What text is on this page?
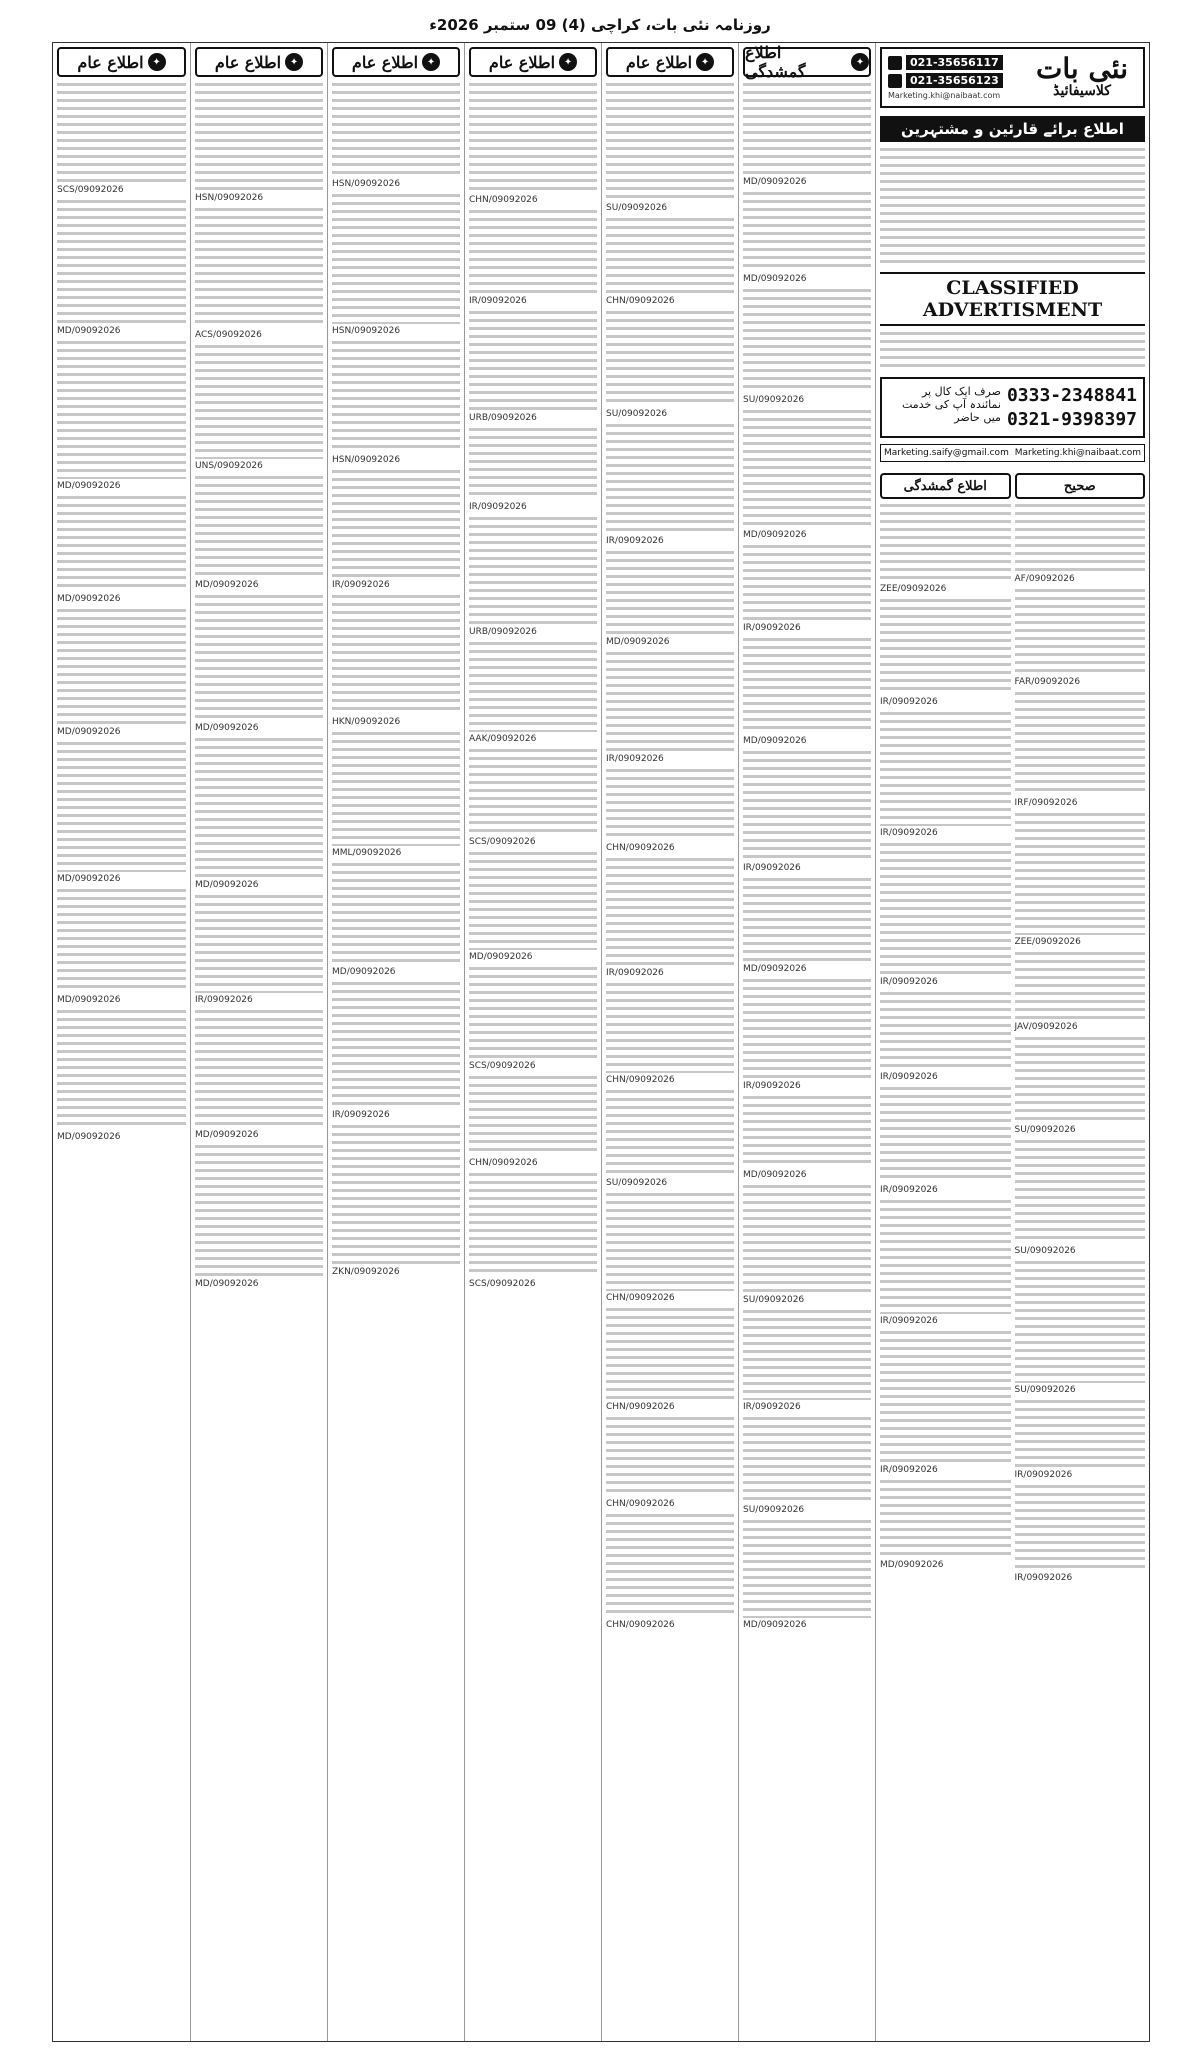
روزنامہ نئی بات، کراچی (4) 09 ستمبر 2026ء
021-35656117
021-35656123
Marketing.khi@naibaat.com
نئی بات
کلاسیفائیڈ
اطلاع برائے قارئین و مشتہرین
CLASSIFIED ADVERTISMENT
صرف ایک کال پر نمائندہ آپ کی خدمت میں حاضر
0333-2348841
0321-9398397
Marketing.saify@gmail.com Marketing.khi@naibaat.com
صحیح
AF/09092026
FAR/09092026
IRF/09092026
ZEE/09092026
JAV/09092026
SU/09092026
SU/09092026
SU/09092026
IR/09092026
IR/09092026
اطلاع گمشدگی
ZEE/09092026
IR/09092026
IR/09092026
IR/09092026
IR/09092026
IR/09092026
IR/09092026
IR/09092026
MD/09092026
اطلاع گمشدگی	✦
MD/09092026
MD/09092026
SU/09092026
MD/09092026
IR/09092026
MD/09092026
IR/09092026
MD/09092026
IR/09092026
MD/09092026
SU/09092026
IR/09092026
SU/09092026
MD/09092026
اطلاع عام ✦
SU/09092026
CHN/09092026
SU/09092026
IR/09092026
MD/09092026
IR/09092026
CHN/09092026
IR/09092026
CHN/09092026
SU/09092026
CHN/09092026
CHN/09092026
CHN/09092026
CHN/09092026
اطلاع عام ✦
CHN/09092026
IR/09092026
URB/09092026
IR/09092026
URB/09092026
AAK/09092026
SCS/09092026
MD/09092026
SCS/09092026
CHN/09092026
SCS/09092026
اطلاع عام ✦
HSN/09092026
HSN/09092026
HSN/09092026
IR/09092026
HKN/09092026
MML/09092026
MD/09092026
IR/09092026
ZKN/09092026
اطلاع عام ✦
HSN/09092026
ACS/09092026
UNS/09092026
MD/09092026
MD/09092026
MD/09092026
IR/09092026
MD/09092026
MD/09092026
اطلاع عام ✦
SCS/09092026
MD/09092026
MD/09092026
MD/09092026
MD/09092026
MD/09092026
MD/09092026
MD/09092026
